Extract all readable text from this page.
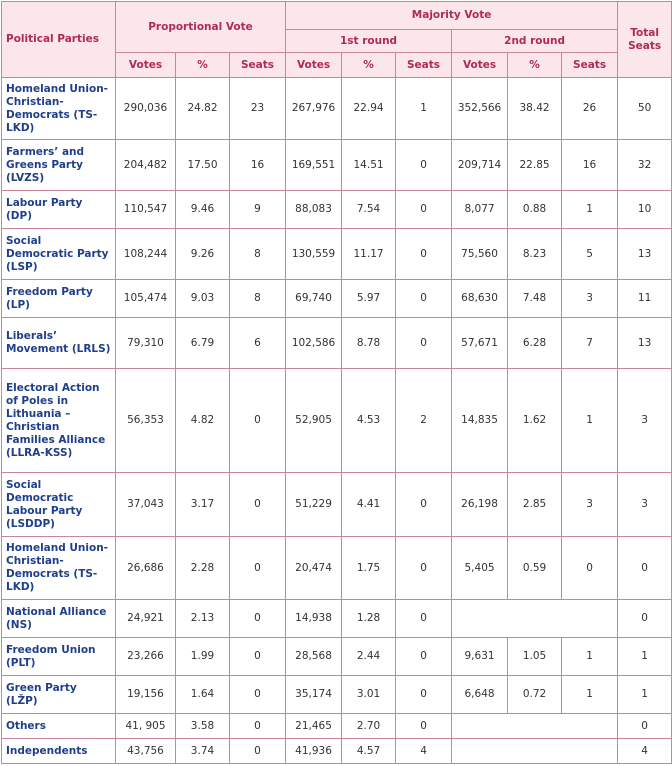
Political Parties	Proportional Vote			Majority Vote						Total Seats
				1st round			2nd round			
	Votes	%	Seats	Votes	%	Seats	Votes	%	Seats	
Homeland Union-Christian-Democrats (TS-LKD)	290,036	24.82	23	267,976	22.94	1	352,566	38.42	26	50
Farmers’ and Greens Party (LVZS)	204,482	17.50	16	169,551	14.51	0	209,714	22.85	16	32
Labour Party (DP)	110,547	9.46	9	88,083	7.54	0	8,077	0.88	1	10
Social Democratic Party (LSP)	108,244	9.26	8	130,559	11.17	0	75,560	8.23	5	13
Freedom Party (LP)	105,474	9.03	8	69,740	5.97	0	68,630	7.48	3	11
Liberals’ Movement (LRLS)	79,310	6.79	6	102,586	8.78	0	57,671	6.28	7	13
Electoral Action of Poles in Lithuania – Christian Families Alliance (LLRA-KSS)	56,353	4.82	0	52,905	4.53	2	14,835	1.62	1	3
Social Democratic Labour Party (LSDDP)	37,043	3.17	0	51,229	4.41	0	26,198	2.85	3	3
Homeland Union-Christian-Democrats (TS-LKD)	26,686	2.28	0	20,474	1.75	0	5,405	0.59	0	0
National Alliance (NS)	24,921	2.13	0	14,938	1.28	0				0
Freedom Union (PLT)	23,266	1.99	0	28,568	2.44	0	9,631	1.05	1	1
Green Party (LŽP)	19,156	1.64	0	35,174	3.01	0	6,648	0.72	1	1
Others	41, 905	3.58	0	21,465	2.70	0				0
Independents	43,756	3.74	0	41,936	4.57	4				4
